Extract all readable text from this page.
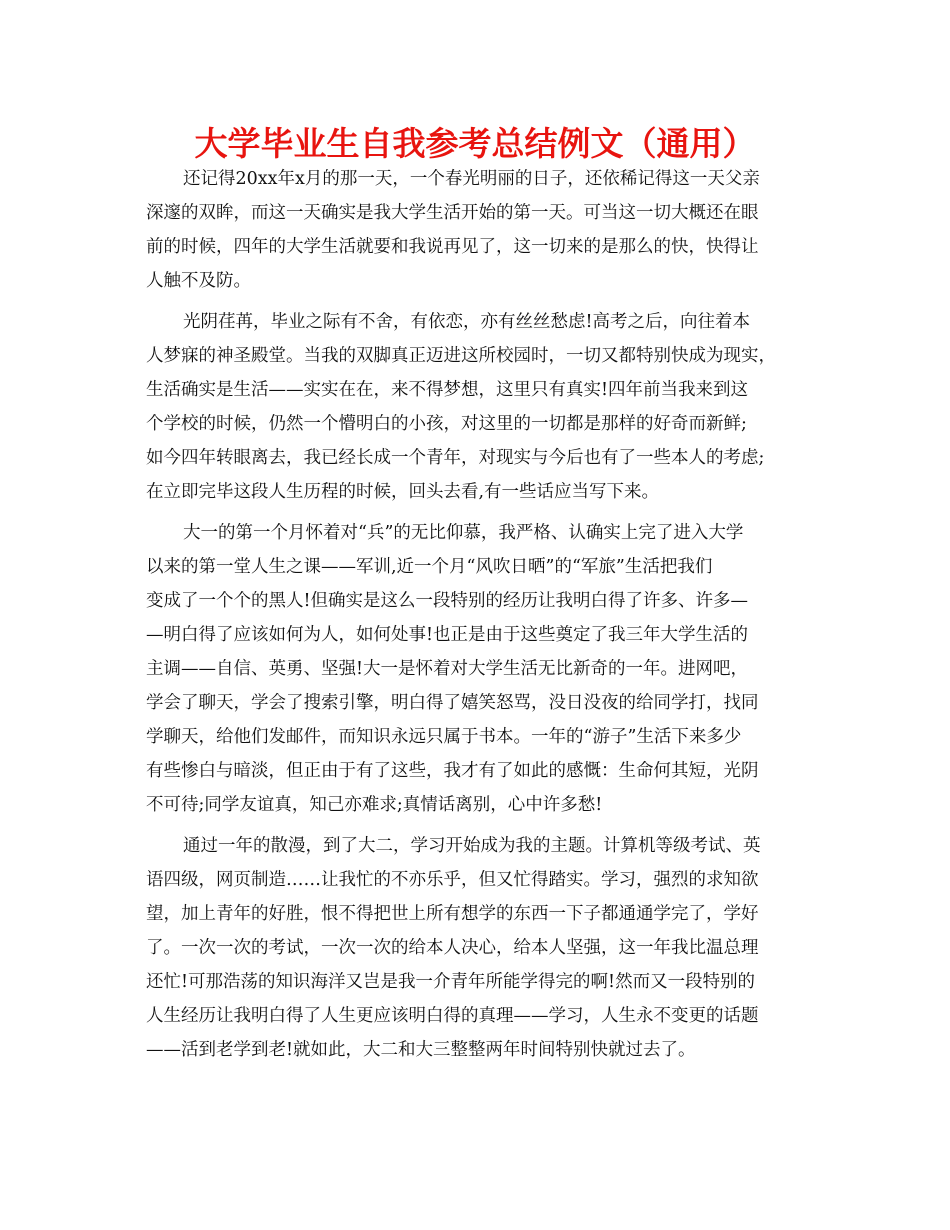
大学毕业生自我参考总结例文（通用）
还记得20xx年x月的那一天，一个春光明丽的日子，还依稀记得这一天父亲
深邃的双眸，而这一天确实是我大学生活开始的第一天。可当这一切大概还在眼
前的时候，四年的大学生活就要和我说再见了，这一切来的是那么的快，快得让
人触不及防。
光阴荏苒，毕业之际有不舍，有依恋，亦有丝丝愁虑!高考之后，向往着本
人梦寐的神圣殿堂。当我的双脚真正迈进这所校园时，一切又都特别快成为现实，
生活确实是生活——实实在在，来不得梦想，这里只有真实!四年前当我来到这
个学校的时候，仍然一个懵明白的小孩，对这里的一切都是那样的好奇而新鲜;
如今四年转眼离去，我已经长成一个青年，对现实与今后也有了一些本人的考虑;
在立即完毕这段人生历程的时候，回头去看,有一些话应当写下来。
大一的第一个月怀着对“兵”的无比仰慕，我严格、认确实上完了进入大学
以来的第一堂人生之课——军训,近一个月“风吹日晒”的“军旅”生活把我们
变成了一个个的黑人!但确实是这么一段特别的经历让我明白得了许多、许多—
—明白得了应该如何为人，如何处事!也正是由于这些奠定了我三年大学生活的
主调——自信、英勇、坚强!大一是怀着对大学生活无比新奇的一年。进网吧，
学会了聊天，学会了搜索引擎，明白得了嬉笑怒骂，没日没夜的给同学打，找同
学聊天，给他们发邮件，而知识永远只属于书本。一年的“游子”生活下来多少
有些惨白与暗淡，但正由于有了这些，我才有了如此的感慨：生命何其短，光阴
不可待;同学友谊真，知己亦难求;真情话离别，心中许多愁!
通过一年的散漫，到了大二，学习开始成为我的主题。计算机等级考试、英
语四级，网页制造……让我忙的不亦乐乎，但又忙得踏实。学习，强烈的求知欲
望，加上青年的好胜，恨不得把世上所有想学的东西一下子都通通学完了，学好
了。一次一次的考试，一次一次的给本人决心，给本人坚强，这一年我比温总理
还忙!可那浩荡的知识海洋又岂是我一介青年所能学得完的啊!然而又一段特别的
人生经历让我明白得了人生更应该明白得的真理——学习，人生永不变更的话题
——活到老学到老!就如此，大二和大三整整两年时间特别快就过去了。
